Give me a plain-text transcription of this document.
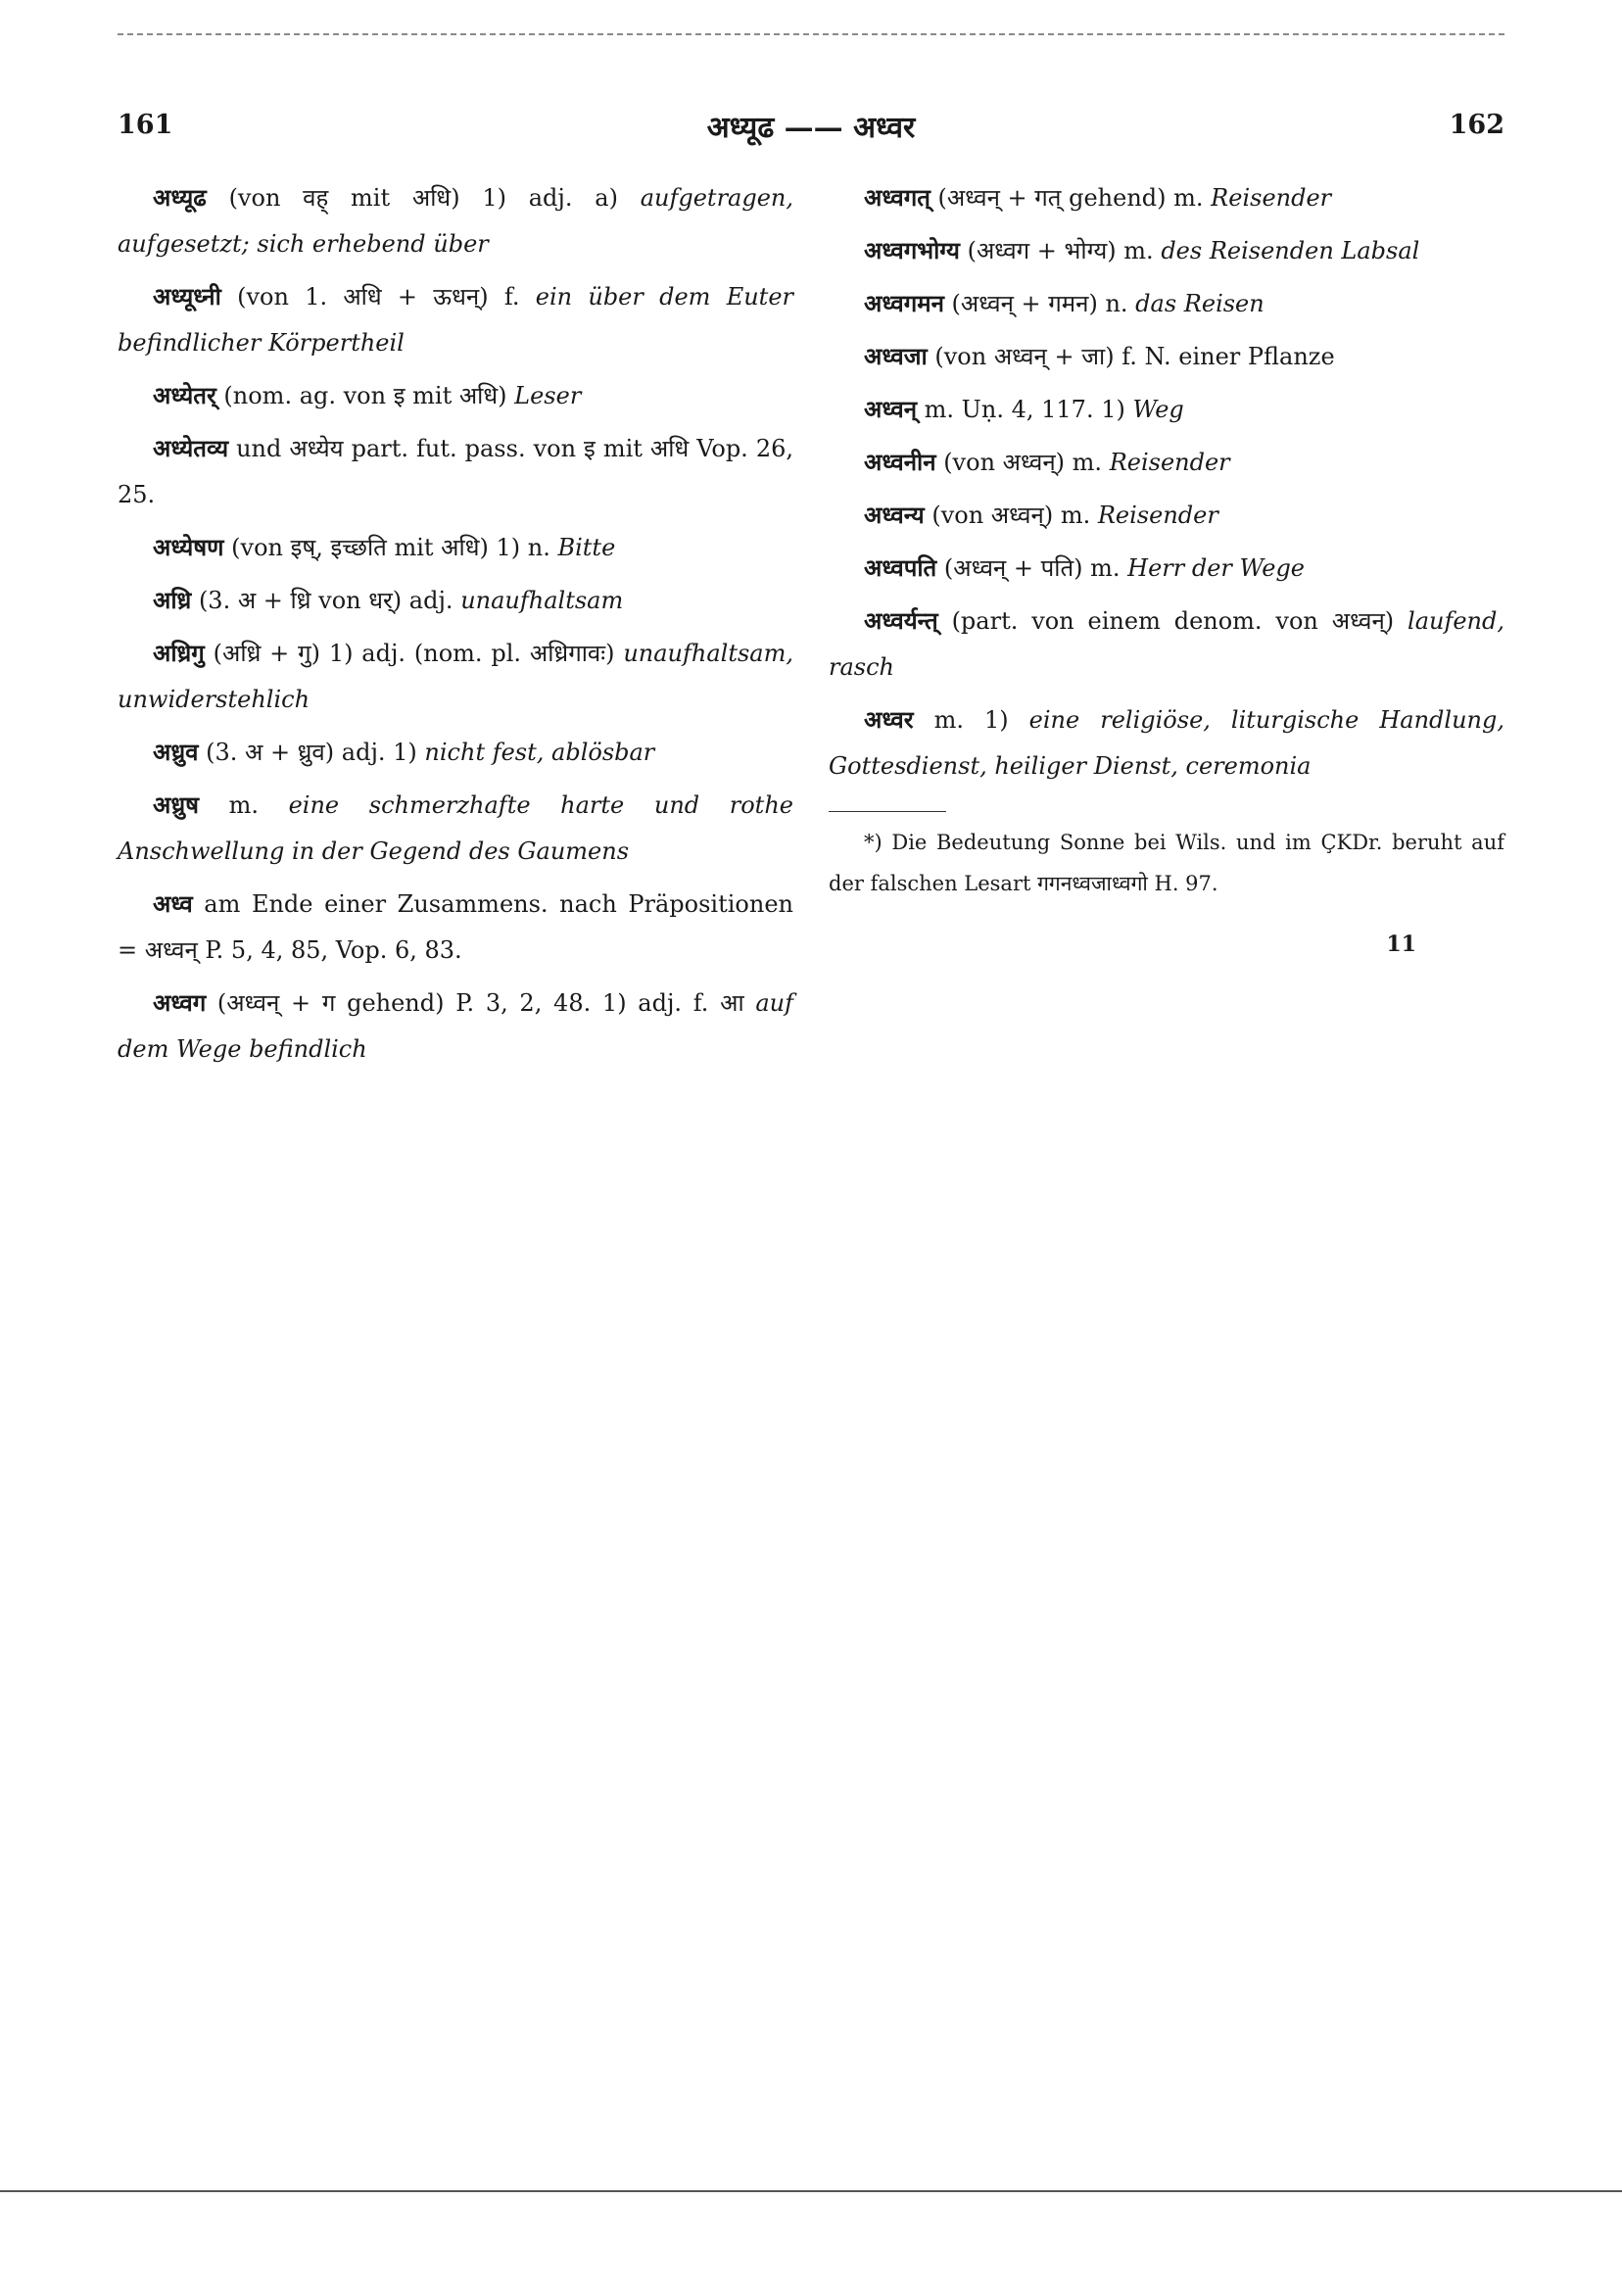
161	अध्यूढ —— अध्वर	162

अध्यूढ (von वह् mit अधि) 1) adj. a) aufgetragen, aufgesetzt; sich erhebend über

अध्यूध्नी (von 1. अधि + ऊधन्) f. ein über dem Euter befindlicher Körpertheil

अध्येतर् (nom. ag. von इ mit अधि) Leser

अध्येतव्य und अध्येय part. fut. pass. von इ mit अधि Vop. 26, 25.

अध्येषण (von इष्, इच्छति mit अधि) 1) n. Bitte

अध्रि (3. अ + ध्रि von धर्) adj. unaufhaltsam

अध्रिगु (अध्रि + गु) 1) adj. (nom. pl. अध्रिगावः) unaufhaltsam, unwiderstehlich

अध्रुव (3. अ + ध्रुव) adj. 1) nicht fest, ablösbar

अध्रुष m. eine schmerzhafte harte und rothe Anschwellung in der Gegend des Gaumens

अध्व am Ende einer Zusammens. nach Präpositionen = अध्वन् P. 5, 4, 85, Vop. 6, 83.

अध्वग (अध्वन् + ग gehend) P. 3, 2, 48. 1) adj. f. आ auf dem Wege befindlich

अध्वगत् (अध्वन् + गत् gehend) m. Reisender

अध्वगभोग्य (अध्वग + भोग्य) m. des Reisenden Labsal

अध्वगमन (अध्वन् + गमन) n. das Reisen

अध्वजा (von अध्वन् + जा) f. N. einer Pflanze

अध्वन् m. Uṇ. 4, 117. 1) Weg

अध्वनीन (von अध्वन्) m. Reisender

अध्वन्य (von अध्वन्) m. Reisender

अध्वपति (अध्वन् + पति) m. Herr der Wege

अध्वर्यन्त् (part. von einem denom. von अध्वन्) laufend, rasch

अध्वर m. 1) eine religiöse, liturgische Handlung, Gottesdienst, heiliger Dienst, ceremonia

*) Die Bedeutung Sonne bei Wils. und im ÇKDr. beruht auf der falschen Lesart गगनध्वजाध्वगो H. 97.

11
